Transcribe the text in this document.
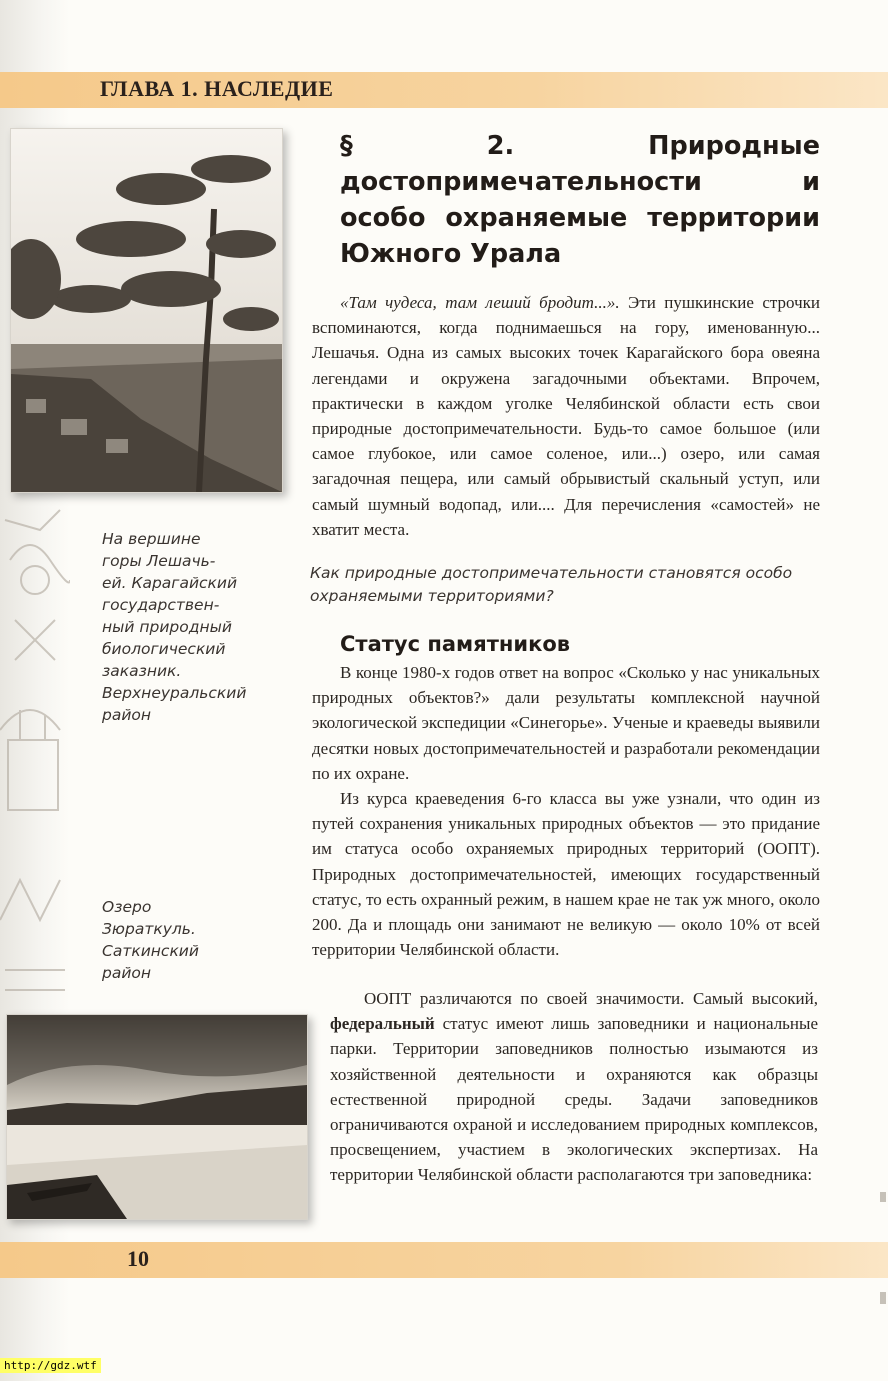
ГЛАВА 1. НАСЛЕДИЕ
На вершине
горы Лешачь-
ей. Карагайский
государствен-
ный природный
биологический
заказник.
Верхнеуральский
район
§ 2. Природные достопримечательности и особо охраняемые территории Южного Урала

«Там чудеса, там леший бродит...». Эти пушкинские строчки вспоминаются, когда поднимаешься на гору, именованную... Лешачья. Одна из самых высоких точек Карагайского бора овеяна легендами и окружена загадочными объектами. Впрочем, практически в каждом уголке Челябинской области есть свои природные достопримечательности. Будь-то самое большое (или самое глубокое, или самое соленое, или...) озеро, или самая загадочная пещера, или самый обрывистый скальный уступ, или самый шумный водопад, или.... Для перечисления «самостей» не хватит места.

Как природные достопримечательности становятся особо охраняемыми территориями?
Статус памятников

В конце 1980-х годов ответ на вопрос «Сколько у нас уникальных природных объектов?» дали результаты комплексной научной экологической экспедиции «Синегорье». Ученые и краеведы выявили десятки новых достопримечательностей и разработали рекомендации по их охране.

Из курса краеведения 6-го класса вы уже узнали, что один из путей сохранения уникальных природных объектов — это придание им статуса особо охраняемых природных территорий (ООПТ). Природных достопримечательностей, имеющих государственный статус, то есть охранный режим, в нашем крае не так уж много, около 200. Да и площадь они занимают не великую — около 10% от всей территории Челябинской области.

Озеро
Зюраткуль.
Саткинский
район

ООПТ различаются по своей значимости. Самый высокий, федеральный статус имеют лишь заповедники и национальные парки. Территории заповедников полностью изымаются из хозяйственной деятельности и охраняются как образцы естественной природной среды. Задачи заповедников ограничиваются охраной и исследованием природных комплексов, просвещением, участием в экологических экспертизах. На территории Челябинской области располагаются три заповедника:

10
http://gdz.wtf
